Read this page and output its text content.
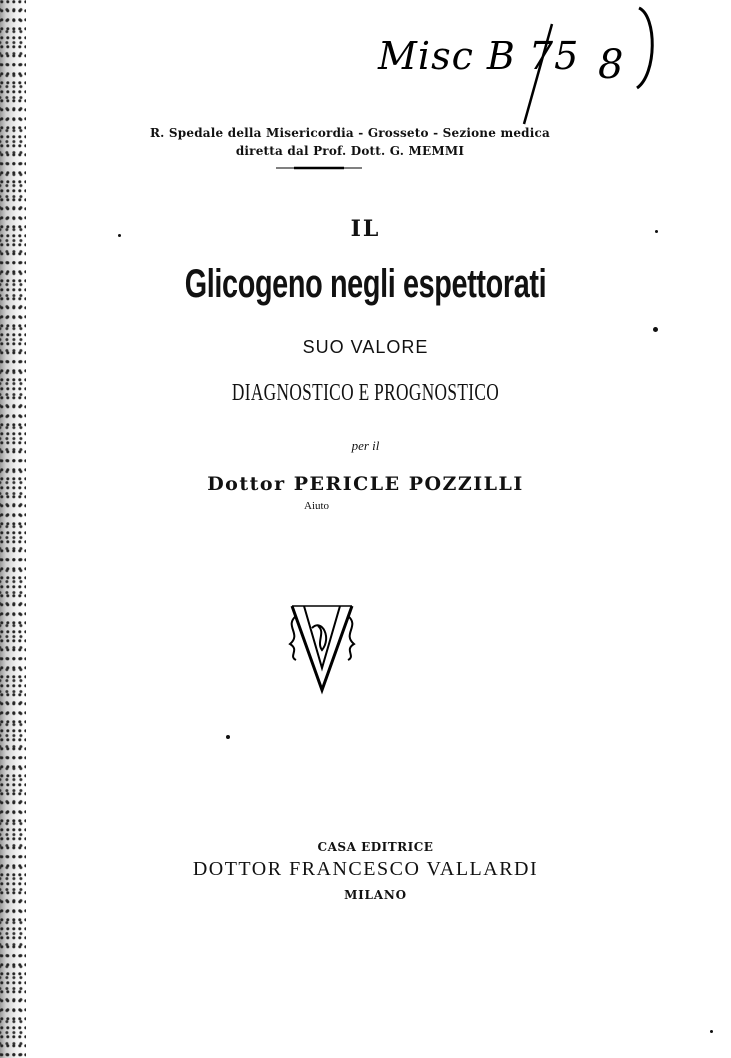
Misc B 75 8
R. Spedale della Misericordia - Grosseto - Sezione medica
diretta dal Prof. Dott. G. MEMMI
IL
Glicogeno negli espettorati
SUO VALORE
DIAGNOSTICO E PROGNOSTICO
per il
Dottor PERICLE POZZILLI
Aiuto
CASA EDITRICE
DOTTOR FRANCESCO VALLARDI
MILANO
